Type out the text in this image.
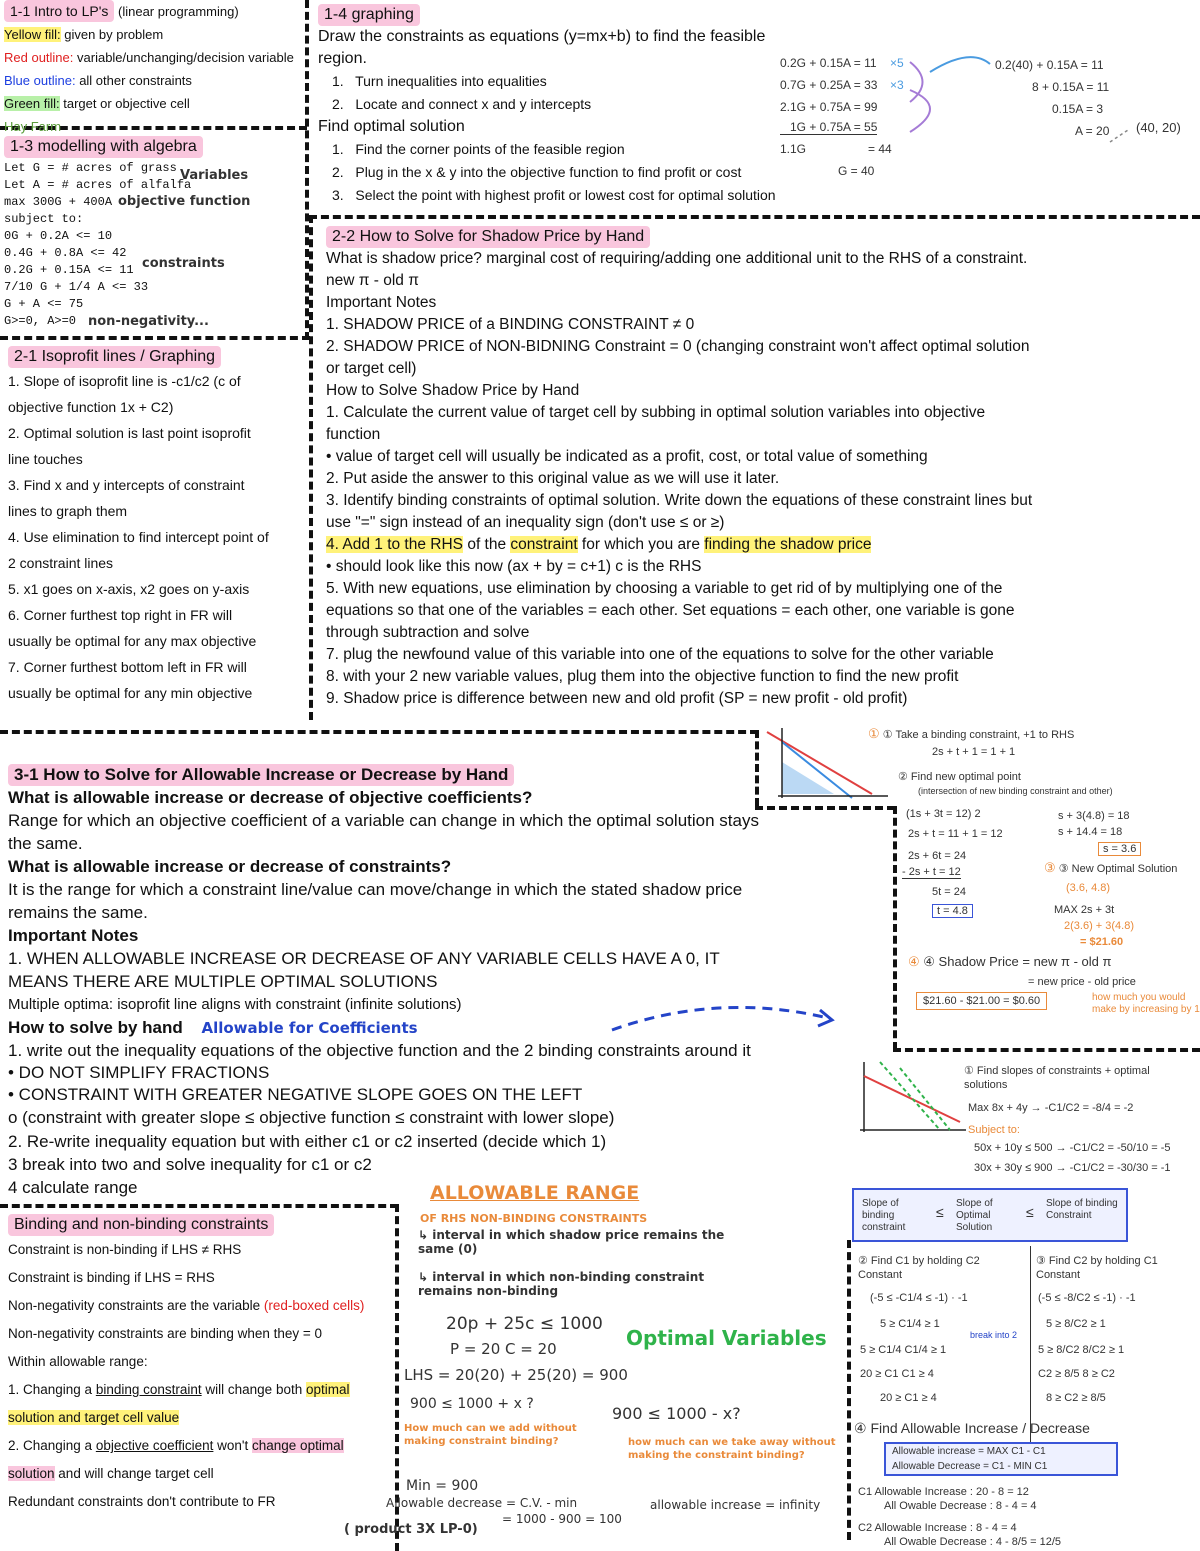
1-1 Intro to LP's (linear programming)
Yellow fill: given by problem
Red outline: variable/unchanging/decision variable
Blue outline: all other constraints
Green fill: target or objective cell
Hay Farm
1-3 modelling with algebra
Let G = # acres of grass
Let A = # acres of alfalfa
max 300G + 400A
subject to:
0G + 0.2A <= 10
0.4G + 0.8A <= 42
0.2G + 0.15A <= 11
7/10 G + 1/4 A <= 33
G + A <= 75
G>=0, A>=0
Variables
objective function
constraints
non-negativity...
1-4 graphing
Draw the constraints as equations (y=mx+b) to find the feasible
region.
1.   Turn inequalities into equalities
2.   Locate and connect x and y intercepts
Find optimal solution
1.   Find the corner points of the feasible region
2.   Plug in the x & y into the objective function to find profit or cost
3.   Select the point with highest profit or lowest cost for optimal solution
0.2G + 0.15A = 11
0.7G + 0.25A = 33
2.1G + 0.75A = 99
1G + 0.75A = 55
1.1G	= 44
G = 40
×5
×3
0.2(40) + 0.15A = 11
8 + 0.15A = 11
0.15A = 3
A = 20 (40, 20)
2-1 Isoprofit lines / Graphing
1. Slope of isoprofit line is -c1/c2 (c of
objective function 1x + C2)
2. Optimal solution is last point isoprofit
line touches
3. Find x and y intercepts of constraint
lines to graph them
4. Use elimination to find intercept point of
2 constraint lines
5. x1 goes on x-axis, x2 goes on y-axis
6. Corner furthest top right in FR will
usually be optimal for any max objective
7. Corner furthest bottom left in FR will
usually be optimal for any min objective
2-2 How to Solve for Shadow Price by Hand
What is shadow price? marginal cost of requiring/adding one additional unit to the RHS of a constraint.
new π - old π
Important Notes
1. SHADOW PRICE of a BINDING CONSTRAINT ≠ 0
2. SHADOW PRICE of NON-BIDNING Constraint = 0 (changing constraint won't affect optimal solution
or target cell)
How to Solve Shadow Price by Hand
1. Calculate the current value of target cell by subbing in optimal solution variables into objective
function
• value of target cell will usually be indicated as a profit, cost, or total value of something
2. Put aside the answer to this original value as we will use it later.
3. Identify binding constraints of optimal solution. Write down the equations of these constraint lines but
use "=" sign instead of an inequality sign (don't use ≤ or ≥)
4. Add 1 to the RHS of the constraint for which you are finding the shadow price
• should look like this now (ax + by = c+1) c is the RHS
5. With new equations, use elimination by choosing a variable to get rid of by multiplying one of the
equations so that one of the variables = each other. Set equations = each other, one variable is gone
through subtraction and solve
7. plug the newfound value of this variable into one of the equations to solve for the other variable
8. with your 2 new variable values, plug them into the objective function to find the new profit
9. Shadow price is difference between new and old profit (SP = new profit - old profit)
① ① Take a binding constraint, +1 to RHS
2s + t + 1 = 1 + 1
② Find new optimal point
(intersection of new binding constraint and other)
(1s + 3t = 12) 2
2s + t = 11 + 1 = 12
2s + 6t = 24
- 2s + t = 12
5t = 24
t = 4.8
s + 3(4.8) = 18
s + 14.4 = 18
s = 3.6
③ ③ New Optimal Solution
(3.6, 4.8)
MAX 2s + 3t
2(3.6) + 3(4.8)
= $21.60
④ ④ Shadow Price = new π - old π
= new price - old price
$21.60 - $21.00 = $0.60	how much you would make by increasing by 1
3-1 How to Solve for Allowable Increase or Decrease by Hand
What is allowable increase or decrease of objective coefficients?
Range for which an objective coefficient of a variable can change in which the optimal solution stays
the same.
What is allowable increase or decrease of constraints?
It is the range for which a constraint line/value can move/change in which the stated shadow price
remains the same.
Important Notes
1. WHEN ALLOWABLE INCREASE OR DECREASE OF ANY VARIABLE CELLS HAVE A 0, IT
MEANS THERE ARE MULTIPLE OPTIMAL SOLUTIONS
Multiple optima: isoprofit line aligns with constraint (infinite solutions)
How to solve by hand Allowable for Coefficients
1. write out the inequality equations of the objective function and the 2 binding constraints around it
• DO NOT SIMPLIFY FRACTIONS
• CONSTRAINT WITH GREATER NEGATIVE SLOPE GOES ON THE LEFT
o (constraint with greater slope ≤ objective function ≤ constraint with lower slope)
2. Re-write inequality equation but with either c1 or c2 inserted (decide which 1)
3 break into two and solve inequality for c1 or c2
4 calculate range
① Find slopes of constraints + optimal solutions
Max 8x + 4y → -C1/C2 = -8/4 = -2
Subject to:
50x + 10y ≤ 500 → -C1/C2 = -50/10 = -5
30x + 30y ≤ 900 → -C1/C2 = -30/30 = -1
Slope of binding constraint
≤
Slope of Optimal Solution
≤
Slope of binding Constraint
② Find C1 by holding C2 Constant
③ Find C2 by holding C1 Constant
(-5 ≤ -C1/4 ≤ -1) · -1
5 ≥ C1/4 ≥ 1
5 ≥ C1/4 C1/4 ≥ 1
20 ≥ C1 C1 ≥ 4
20 ≥ C1 ≥ 4
(-5 ≤ -8/C2 ≤ -1) · -1
5 ≥ 8/C2 ≥ 1
5 ≥ 8/C2 8/C2 ≥ 1
C2 ≥ 8/5 8 ≥ C2
8 ≥ C2 ≥ 8/5
break into 2
④ Find Allowable Increase / Decrease
Allowable increase = MAX C1 - C1
Allowable Decrease = C1 - MIN C1
C1 Allowable Increase : 20 - 8 = 12
All Owable Decrease : 8 - 4 = 4
C2 Allowable Increase : 8 - 4 = 4
All Owable Decrease : 4 - 8/5 = 12/5
ALLOWABLE RANGE
OF RHS NON-BINDING CONSTRAINTS
↳ interval in which shadow price remains the same (0)
↳ interval in which non-binding constraint remains non-binding
20p + 25c ≤ 1000
P = 20 C = 20	Optimal Variables
LHS = 20(20) + 25(20) = 900
900 ≤ 1000 + x ?	900 ≤ 1000 - x?
How much can we add without making constraint binding?	how much can we take away without making the constraint binding?
Min = 900
Allowable decrease = C.V. - min
= 1000 - 900 = 100
allowable increase = infinity
( product 3X LP-0)
Binding and non-binding constraints
Constraint is non-binding if LHS ≠ RHS
Constraint is binding if LHS = RHS
Non-negativity constraints are the variable (red-boxed cells)
Non-negativity constraints are binding when they = 0
Within allowable range:
1. Changing a binding constraint will change both optimal
solution and target cell value
2. Changing a objective coefficient won't change optimal
solution and will change target cell
Redundant constraints don't contribute to FR
